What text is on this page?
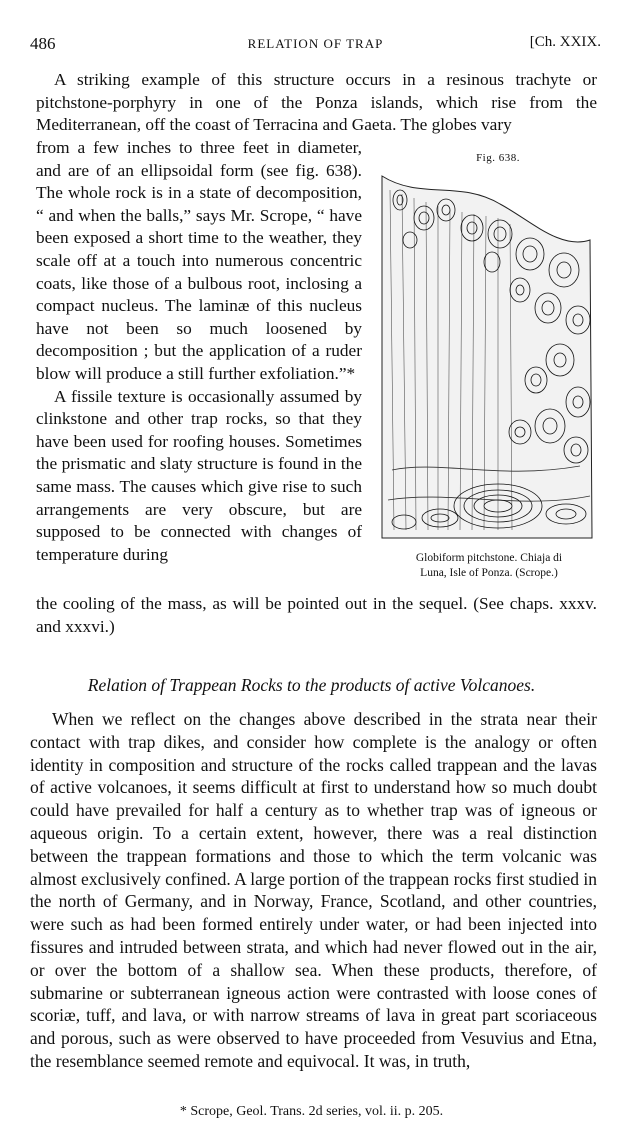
486	RELATION OF TRAP	[Ch. XXIX.

A striking example of this structure occurs in a resinous trachyte or pitchstone-porphyry in one of the Ponza islands, which rise from the Mediterranean, off the coast of Terracina and Gaeta. The globes vary

from a few inches to three feet in diameter, and are of an ellipsoidal form (see fig. 638). The whole rock is in a state of decomposition, “ and when the balls,” says Mr. Scrope, “ have been exposed a short time to the weather, they scale off at a touch into numerous concentric coats, like those of a bulbous root, inclosing a compact nucleus. The laminæ of this nucleus have not been so much loosened by decomposition ; but the application of a ruder blow will produce a still further exfoliation.”*

A fissile texture is occasionally assumed by clinkstone and other trap rocks, so that they have been used for roofing houses. Sometimes the prismatic and slaty structure is found in the same mass. The causes which give rise to such arrangements are very obscure, but are supposed to be connected with changes of temperature during

the cooling of the mass, as will be pointed out in the sequel. (See chaps. xxxv. and xxxvi.)

Fig. 638.
Globiform pitchstone. Chiaja di
Luna, Isle of Ponza. (Scrope.)
Relation of Trappean Rocks to the products of active Volcanoes.

When we reflect on the changes above described in the strata near their contact with trap dikes, and consider how complete is the analogy or often identity in composition and structure of the rocks called trappean and the lavas of active volcanoes, it seems difficult at first to understand how so much doubt could have prevailed for half a century as to whether trap was of igneous or aqueous origin. To a certain extent, however, there was a real distinction between the trappean formations and those to which the term volcanic was almost exclusively confined. A large portion of the trappean rocks first studied in the north of Germany, and in Norway, France, Scotland, and other countries, were such as had been formed entirely under water, or had been injected into fissures and intruded between strata, and which had never flowed out in the air, or over the bottom of a shallow sea. When these products, therefore, of submarine or subterranean igneous action were contrasted with loose cones of scoriæ, tuff, and lava, or with narrow streams of lava in great part scoriaceous and porous, such as were observed to have proceeded from Vesuvius and Etna, the resemblance seemed remote and equivocal. It was, in truth,

* Scrope, Geol. Trans. 2d series, vol. ii. p. 205.
